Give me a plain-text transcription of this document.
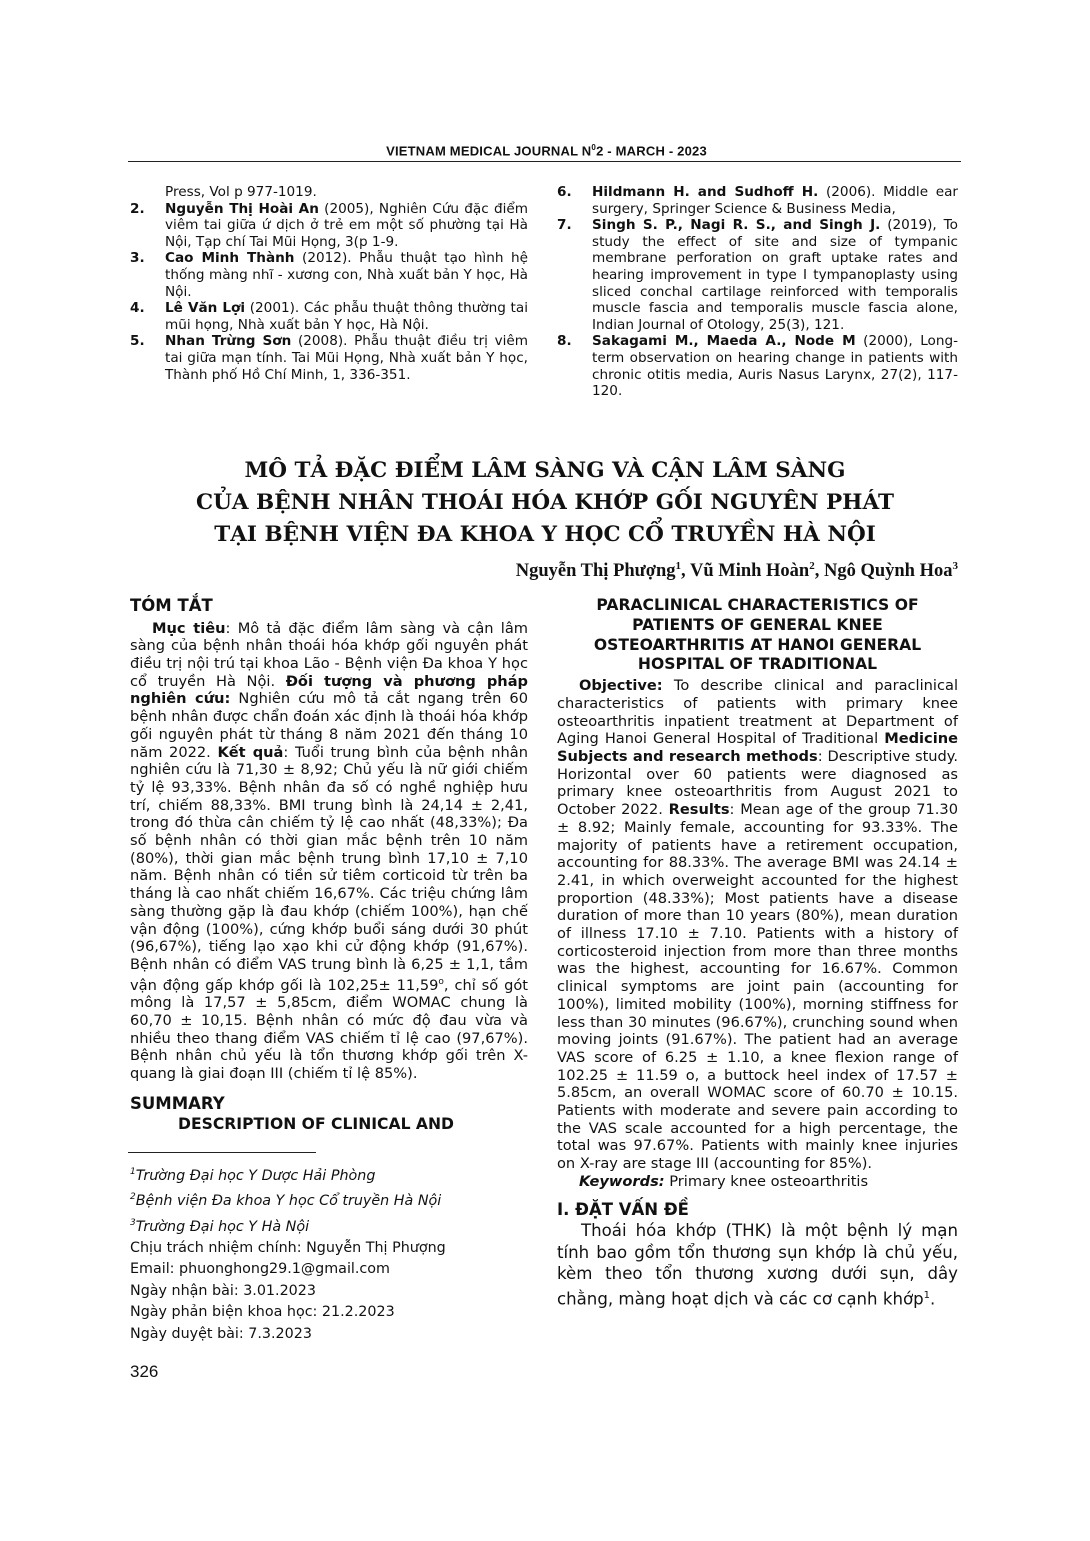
VIETNAM MEDICAL JOURNAL $N^02$ - MARCH - 2023
Press, Vol p 977-1019.
2. Nguyễn Thị Hoài An (2005), Nghiên Cứu đặc điểm viêm tai giữa ứ dịch ở trẻ em một số phường tại Hà Nội, Tạp chí Tai Mũi Họng, 3(p 1-9.
3. Cao Minh Thành (2012). Phẫu thuật tạo hình hệ thống màng nhĩ - xương con, Nhà xuất bản Y học, Hà Nội.
4. Lê Văn Lợi (2001). Các phẫu thuật thông thường tai mũi họng, Nhà xuất bản Y học, Hà Nội.
5. Nhan Trừng Sơn (2008). Phẫu thuật điều trị viêm tai giữa mạn tính. Tai Mũi Họng, Nhà xuất bản Y học, Thành phố Hồ Chí Minh, 1, 336-351.
6. Hildmann H. and Sudhoff H. (2006). Middle ear surgery, Springer Science & Business Media,
7. Singh S. P., Nagi R. S., and Singh J. (2019), To study the effect of site and size of tympanic membrane perforation on graft uptake rates and hearing improvement in type I tympanoplasty using sliced conchal cartilage reinforced with temporalis muscle fascia and temporalis muscle fascia alone, Indian Journal of Otology, 25(3), 121.
8. Sakagami M., Maeda A., Node M (2000), Long-term observation on hearing change in patients with chronic otitis media, Auris Nasus Larynx, 27(2), 117-120.
MÔ TẢ ĐẶC ĐIỂM LÂM SÀNG VÀ CẬN LÂM SÀNG
CỦA BỆNH NHÂN THOÁI HÓA KHỚP GỐI NGUYÊN PHÁT
TẠI BỆNH VIỆN ĐA KHOA Y HỌC CỔ TRUYỀN HÀ NỘI
Nguyễn Thị Phượng$^1$, Vũ Minh Hoàn$^2$, Ngô Quỳnh Hoa$^3$
TÓM TẮT
Mục tiêu: Mô tả đặc điểm lâm sàng và cận lâm sàng của bệnh nhân thoái hóa khớp gối nguyên phát điều trị nội trú tại khoa Lão - Bệnh viện Đa khoa Y học cổ truyền Hà Nội. Đối tượng và phương pháp nghiên cứu: Nghiên cứu mô tả cắt ngang trên 60 bệnh nhân được chẩn đoán xác định là thoái hóa khớp gối nguyên phát từ tháng 8 năm 2021 đến tháng 10 năm 2022. Kết quả: Tuổi trung bình của bệnh nhân nghiên cứu là 71,30 ± 8,92; Chủ yếu là nữ giới chiếm tỷ lệ 93,33%. Bệnh nhân đa số có nghề nghiệp hưu trí, chiếm 88,33%. BMI trung bình là 24,14 ± 2,41, trong đó thừa cân chiếm tỷ lệ cao nhất (48,33%); Đa số bệnh nhân có thời gian mắc bệnh trên 10 năm (80%), thời gian mắc bệnh trung bình 17,10 ± 7,10 năm. Bệnh nhân có tiền sử tiêm corticoid từ trên ba tháng là cao nhất chiếm 16,67%. Các triệu chứng lâm sàng thường gặp là đau khớp (chiếm 100%), hạn chế vận động (100%), cứng khớp buổi sáng dưới 30 phút (96,67%), tiếng lạo xạo khi cử động khớp (91,67%). Bệnh nhân có điểm VAS trung bình là 6,25 ± 1,1, tầm vận động gấp khớp gối là $102,25\pm 11,59^o$, chỉ số gót mông là 17,57 ± 5,85cm, điểm WOMAC chung là 60,70 ± 10,15. Bệnh nhân có mức độ đau vừa và nhiều theo thang điểm VAS chiếm tỉ lệ cao (97,67%). Bệnh nhân chủ yếu là tổn thương khớp gối trên X-quang là giai đoạn III (chiếm tỉ lệ 85%).
SUMMARY
DESCRIPTION OF CLINICAL AND
$^1$Trường Đại học Y Dược Hải Phòng
$^2$Bệnh viện Đa khoa Y học Cổ truyền Hà Nội
$^3$Trường Đại học Y Hà Nội
Chịu trách nhiệm chính: Nguyễn Thị Phượng
Email: phuonghong29.1@gmail.com
Ngày nhận bài: 3.01.2023
Ngày phản biện khoa học: 21.2.2023
Ngày duyệt bài: 7.3.2023
326
PARACLINICAL CHARACTERISTICS OF PATIENTS OF GENERAL KNEE OSTEOARTHRITIS AT HANOI GENERAL HOSPITAL OF TRADITIONAL
Objective: To describe clinical and paraclinical characteristics of patients with primary knee osteoarthritis inpatient treatment at Department of Aging Hanoi General Hospital of Traditional Medicine Subjects and research methods: Descriptive study. Horizontal over 60 patients were diagnosed as primary knee osteoarthritis from August 2021 to October 2022. Results: Mean age of the group 71.30 ± 8.92; Mainly female, accounting for 93.33%. The majority of patients have a retirement occupation, accounting for 88.33%. The average BMI was 24.14 ± 2.41, in which overweight accounted for the highest proportion (48.33%); Most patients have a disease duration of more than 10 years (80%), mean duration of illness 17.10 ± 7.10. Patients with a history of corticosteroid injection from more than three months was the highest, accounting for 16.67%. Common clinical symptoms are joint pain (accounting for 100%), limited mobility (100%), morning stiffness for less than 30 minutes (96.67%), crunching sound when moving joints (91.67%). The patient had an average VAS score of 6.25 ± 1.10, a knee flexion range of 102.25 ± 11.59 o, a buttock heel index of 17.57 ± 5.85cm, an overall WOMAC score of 60.70 ± 10.15. Patients with moderate and severe pain according to the VAS scale accounted for a high percentage, the total was 97.67%. Patients with mainly knee injuries on X-ray are stage III (accounting for 85%).
Keywords: Primary knee osteoarthritis
I. ĐẶT VẤN ĐỀ
Thoái hóa khớp (THK) là một bệnh lý mạn tính bao gồm tổn thương sụn khớp là chủ yếu, kèm theo tổn thương xương dưới sụn, dây chằng, màng hoạt dịch và các cơ cạnh khớp$^1$.
